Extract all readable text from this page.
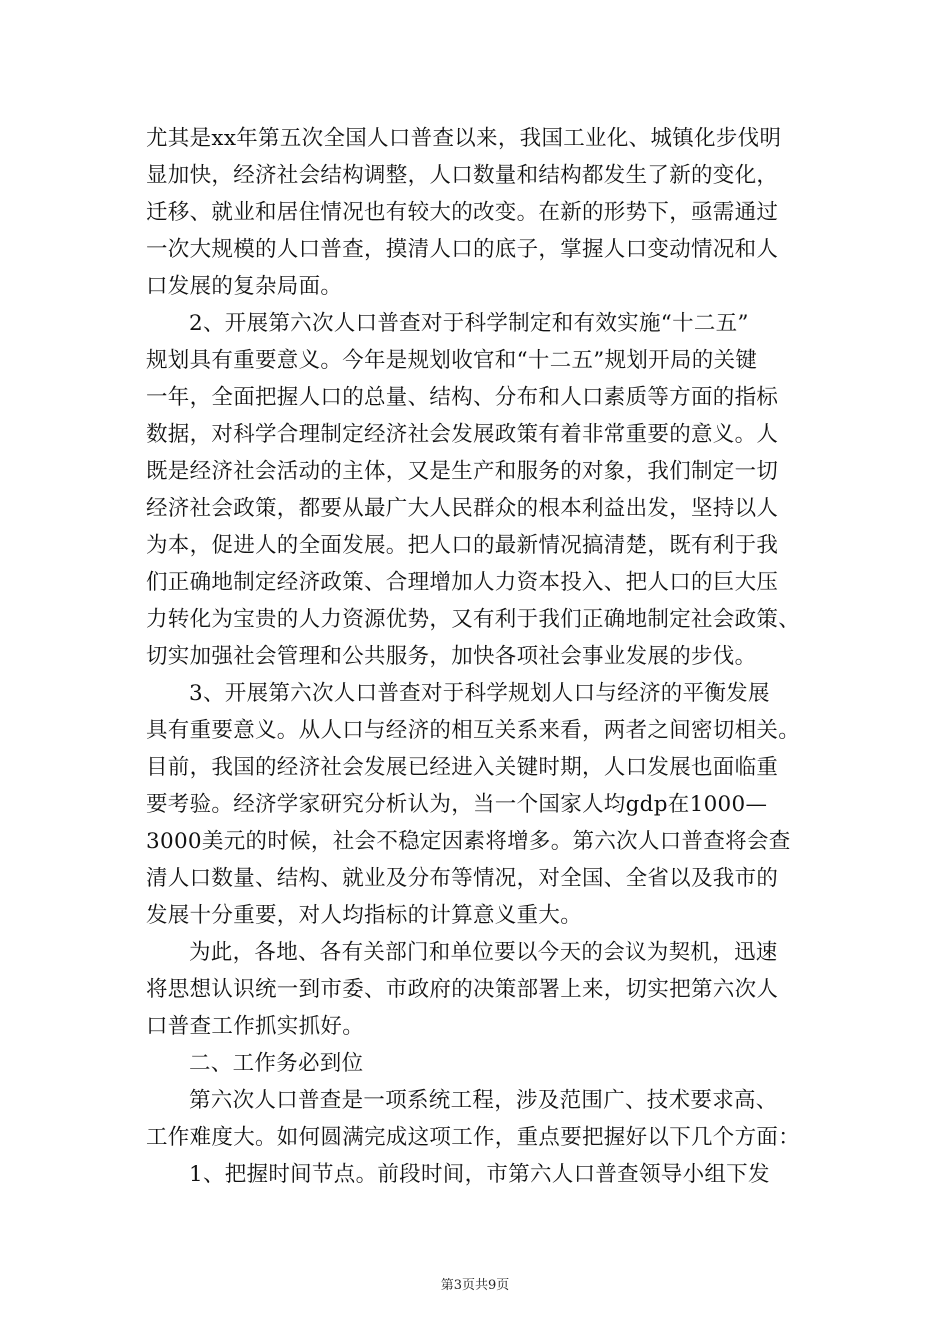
尤其是xx年第五次全国人口普查以来，我国工业化、城镇化步伐明
显加快，经济社会结构调整，人口数量和结构都发生了新的变化，
迁移、就业和居住情况也有较大的改变。在新的形势下，亟需通过
一次大规模的人口普查，摸清人口的底子，掌握人口变动情况和人
口发展的复杂局面。
2、开展第六次人口普查对于科学制定和有效实施“十二五”
规划具有重要意义。今年是规划收官和“十二五”规划开局的关键
一年，全面把握人口的总量、结构、分布和人口素质等方面的指标
数据，对科学合理制定经济社会发展政策有着非常重要的意义。人
既是经济社会活动的主体，又是生产和服务的对象，我们制定一切
经济社会政策，都要从最广大人民群众的根本利益出发，坚持以人
为本，促进人的全面发展。把人口的最新情况搞清楚，既有利于我
们正确地制定经济政策、合理增加人力资本投入、把人口的巨大压
力转化为宝贵的人力资源优势，又有利于我们正确地制定社会政策、
切实加强社会管理和公共服务，加快各项社会事业发展的步伐。
3、开展第六次人口普查对于科学规划人口与经济的平衡发展
具有重要意义。从人口与经济的相互关系来看，两者之间密切相关。
目前，我国的经济社会发展已经进入关键时期，人口发展也面临重
要考验。经济学家研究分析认为，当一个国家人均gdp在1000—
3000美元的时候，社会不稳定因素将增多。第六次人口普查将会查
清人口数量、结构、就业及分布等情况，对全国、全省以及我市的
发展十分重要，对人均指标的计算意义重大。
为此，各地、各有关部门和单位要以今天的会议为契机，迅速
将思想认识统一到市委、市政府的决策部署上来，切实把第六次人
口普查工作抓实抓好。
二、工作务必到位
第六次人口普查是一项系统工程，涉及范围广、技术要求高、
工作难度大。如何圆满完成这项工作，重点要把握好以下几个方面：
1、把握时间节点。前段时间，市第六人口普查领导小组下发
第3页共9页
